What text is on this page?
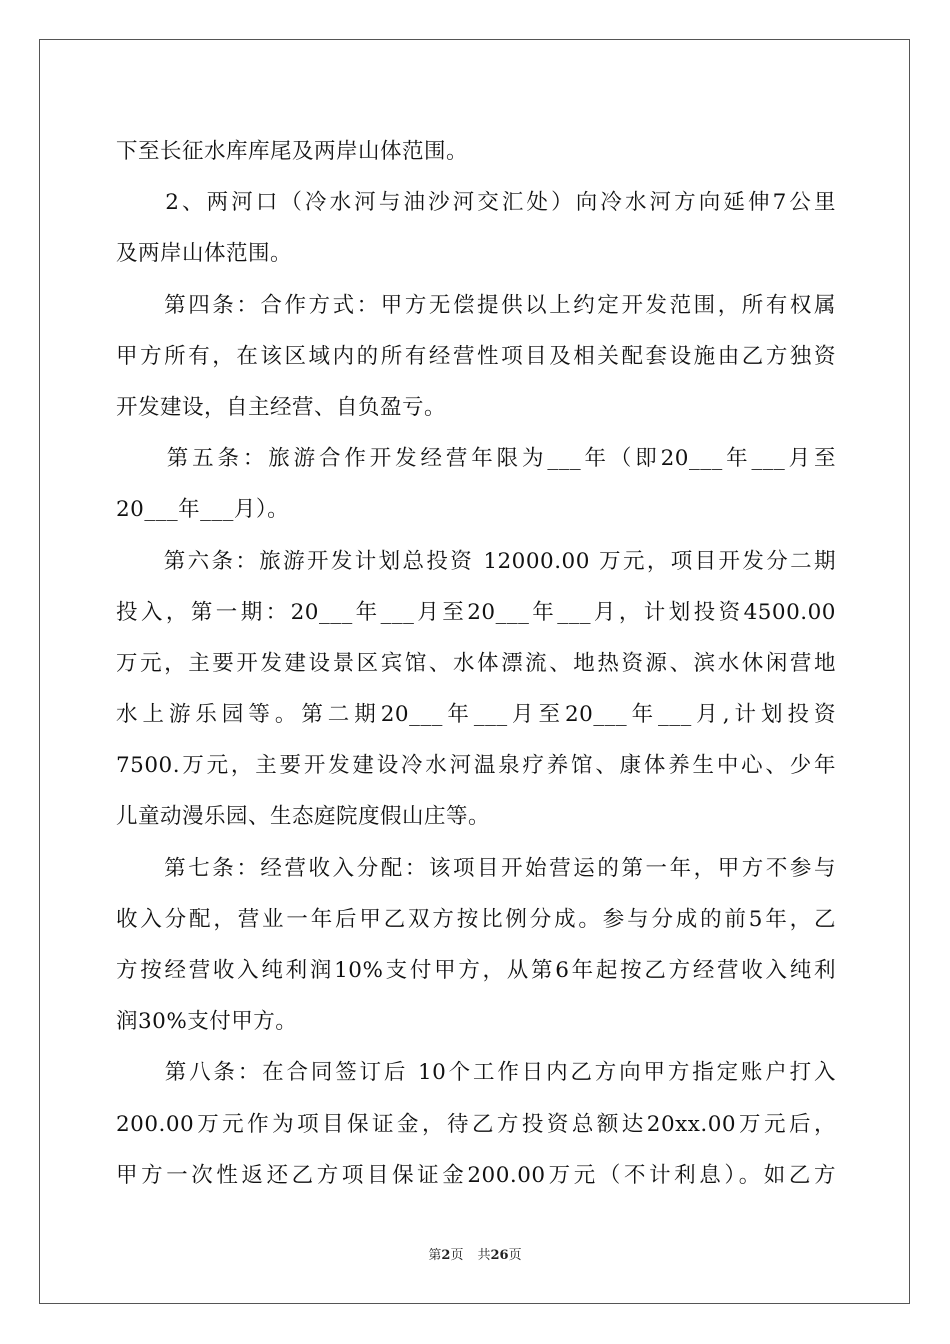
下至长征水库库尾及两岸山体范围。
　　2、两河口（冷水河与油沙河交汇处）向冷水河方向延伸7公里
及两岸山体范围。
　　第四条：合作方式：甲方无偿提供以上约定开发范围，所有权属
甲方所有，在该区域内的所有经营性项目及相关配套设施由乙方独资
开发建设，自主经营、自负盈亏。
　　第五条：旅游合作开发经营年限为___年（即20___年___月至
20___年___月）。
　　第六条：旅游开发计划总投资 12000.00 万元，项目开发分二期
投入，第一期：20___年___月至20___年___月，计划投资4500.00
万元，主要开发建设景区宾馆、水体漂流、地热资源、滨水休闲营地
水上游乐园等。第二期20___年___月至20___年___月,计划投资
7500.万元，主要开发建设冷水河温泉疗养馆、康体养生中心、少年
儿童动漫乐园、生态庭院度假山庄等。
　　第七条：经营收入分配：该项目开始营运的第一年，甲方不参与
收入分配，营业一年后甲乙双方按比例分成。参与分成的前5年，乙
方按经营收入纯利润10%支付甲方，从第6年起按乙方经营收入纯利
润30%支付甲方。
　　第八条：在合同签订后 10个工作日内乙方向甲方指定账户打入
200.00万元作为项目保证金，待乙方投资总额达20xx.00万元后，
甲方一次性返还乙方项目保证金200.00万元（不计利息）。如乙方
第2页 共26页
